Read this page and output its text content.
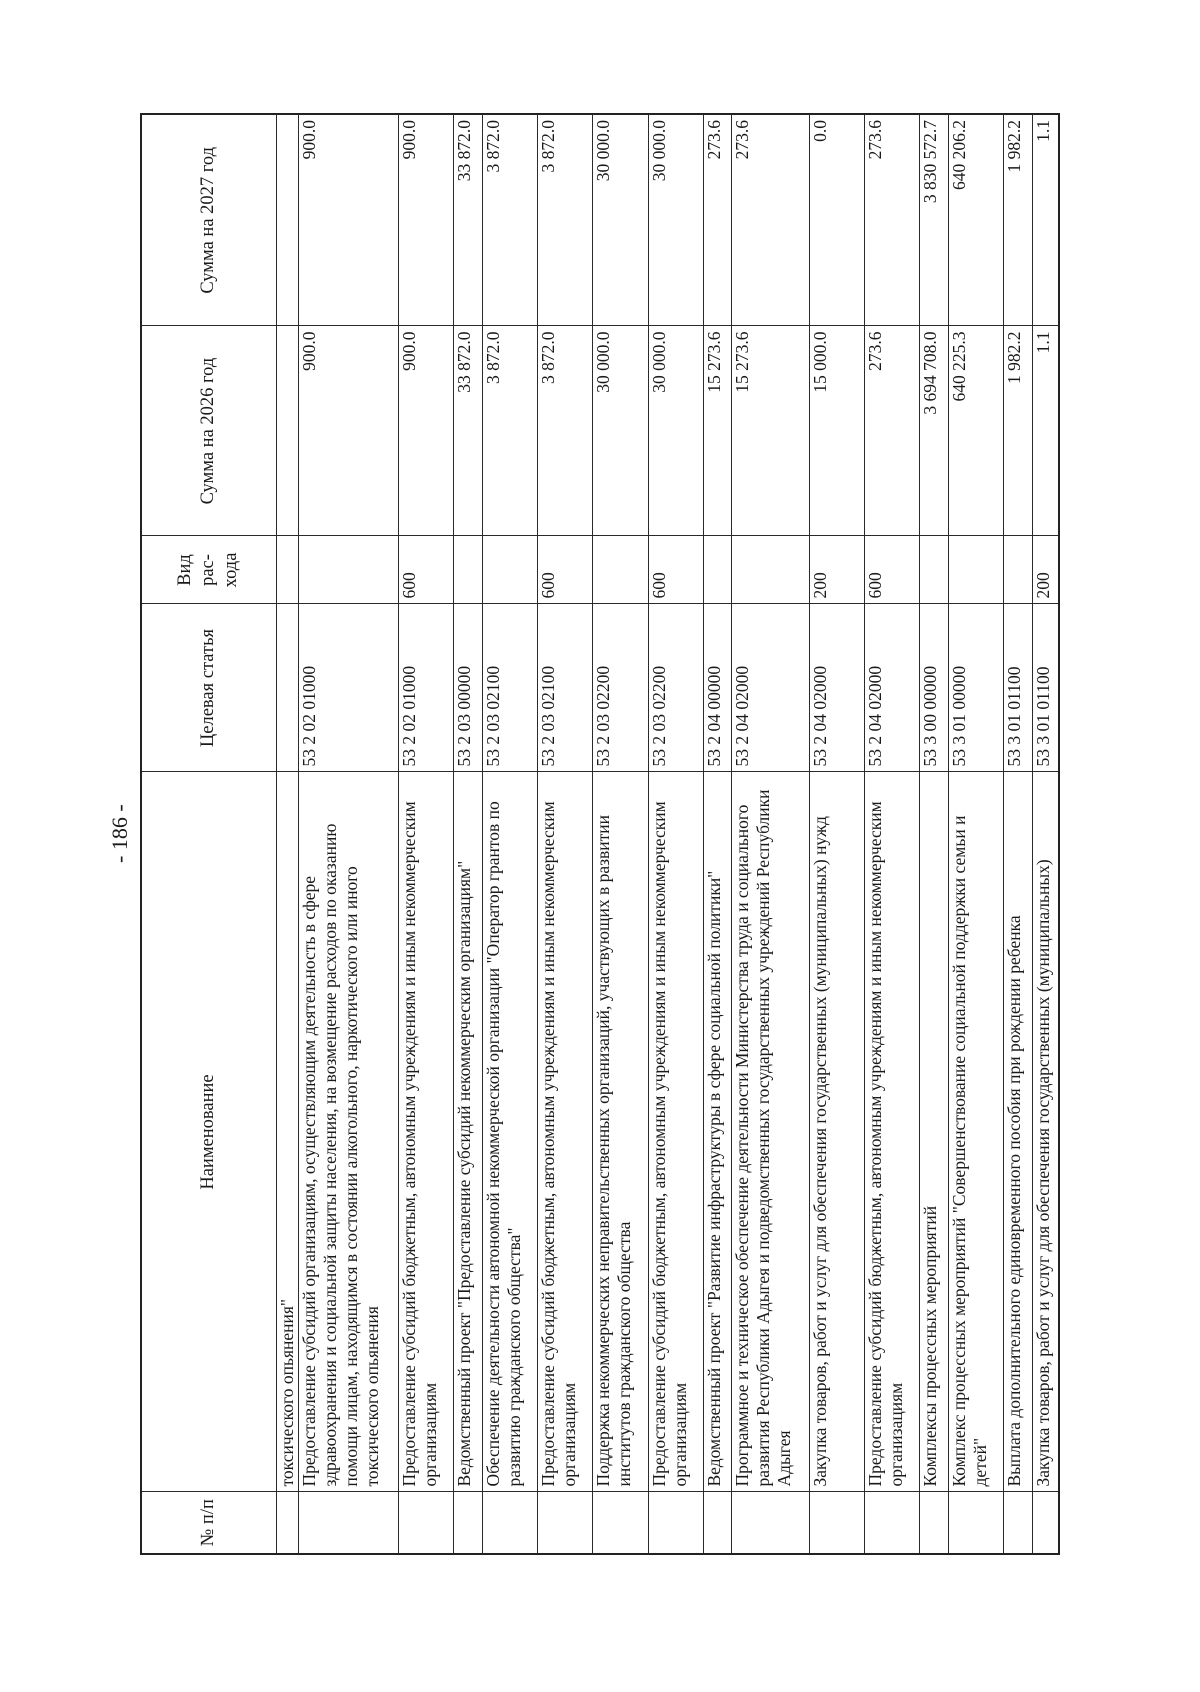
- 186 -
№ п/п	Наименование	Целевая статья	Вид рас- хода	Сумма на 2026 год	Сумма на 2027 год
	токсического опьянения"				
	Предоставление субсидий организациям, осуществляющим деятельность в сфере здравоохранения и социальной защиты населения, на возмещение расходов по оказанию помощи лицам, находящимся в состоянии алкогольного, наркотического или иного токсического опьянения	53 2 02 01000		900.0	900.0
	Предоставление субсидий бюджетным, автономным учреждениям и иным некоммерческим организациям	53 2 02 01000	600	900.0	900.0
	Ведомственный проект "Предоставление субсидий некоммерческим организациям"	53 2 03 00000		33 872.0	33 872.0
	Обеспечение деятельности автономной некоммерческой организации "Оператор грантов по развитию гражданского общества"	53 2 03 02100		3 872.0	3 872.0
	Предоставление субсидий бюджетным, автономным учреждениям и иным некоммерческим организациям	53 2 03 02100	600	3 872.0	3 872.0
	Поддержка некоммерческих неправительственных организаций, участвующих в развитии институтов гражданского общества	53 2 03 02200		30 000.0	30 000.0
	Предоставление субсидий бюджетным, автономным учреждениям и иным некоммерческим организациям	53 2 03 02200	600	30 000.0	30 000.0
	Ведомственный проект "Развитие инфраструктуры в сфере социальной политики"	53 2 04 00000		15 273.6	273.6
	Программное и техническое обеспечение деятельности Министерства труда и социального развития Республики Адыгея и подведомственных государственных учреждений Республики Адыгея	53 2 04 02000		15 273.6	273.6
	Закупка товаров, работ и услуг для обеспечения государственных (муниципальных) нужд	53 2 04 02000	200	15 000.0	0.0
	Предоставление субсидий бюджетным, автономным учреждениям и иным некоммерческим организациям	53 2 04 02000	600	273.6	273.6
	Комплексы процессных мероприятий	53 3 00 00000		3 694 708.0	3 830 572.7
	Комплекс процессных мероприятий "Совершенствование социальной поддержки семьи и детей"	53 3 01 00000		640 225.3	640 206.2
	Выплата дополнительного единовременного пособия при рождении ребенка	53 3 01 01100		1 982.2	1 982.2
	Закупка товаров, работ и услуг для обеспечения государственных (муниципальных)	53 3 01 01100	200	1.1	1.1
